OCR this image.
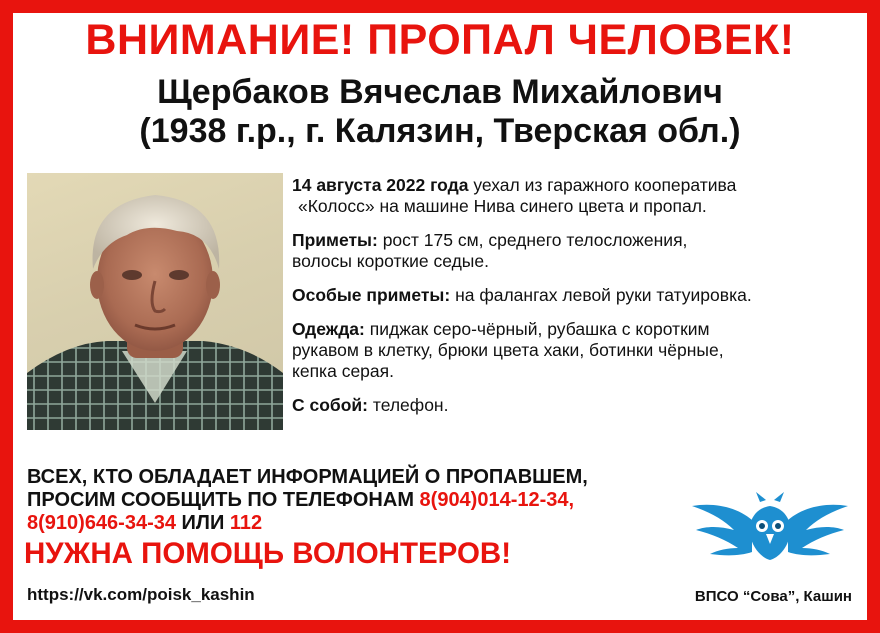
ВНИМАНИЕ! ПРОПАЛ ЧЕЛОВЕК!
Щербаков Вячеслав Михайлович
(1938 г.р., г. Калязин, Тверская обл.)

14 августа 2022 года уехал из гаражного кооператива
«Колосс» на машине Нива синего цвета и пропал.

Приметы: рост 175 см, среднего телосложения,
волосы короткие седые.

Особые приметы: на фалангах левой руки татуировка.

Одежда: пиджак серо-чёрный, рубашка с коротким
рукавом в клетку, брюки цвета хаки, ботинки чёрные,
кепка серая.

С собой: телефон.

ВСЕХ, КТО ОБЛАДАЕТ ИНФОРМАЦИЕЙ О ПРОПАВШЕМ,
ПРОСИМ СООБЩИТЬ ПО ТЕЛЕФОНАМ 8(904)014-12-34,
8(910)646-34-34 ИЛИ 112
НУЖНА ПОМОЩЬ ВОЛОНТЕРОВ!
https://vk.com/poisk_kashin	ВПСО “Сова”, Кашин
